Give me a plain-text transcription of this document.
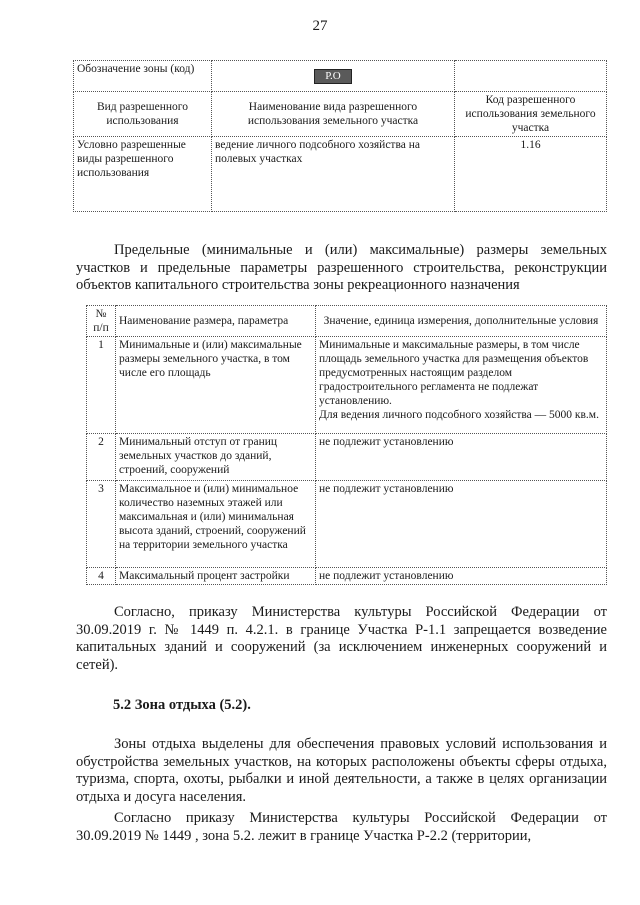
27
Обозначение зоны (код)	Р.О	
Вид разрешенного использования	Наименование вида разрешенного использования земельного участка	Код разрешенного использования земельного участка
Условно разрешенные виды разрешенного использования	ведение личного подсобного хозяйства на полевых участках	1.16

Предельные (минимальные и (или) максимальные) размеры земельных участков и предельные параметры разрешенного строительства, реконструкции объектов капитального строительства зоны рекреационного назначения

№ п/п	Наименование размера, параметра	Значение, единица измерения, дополнительные условия
1	Минимальные и (или) максимальные размеры земельного участка, в том числе его площадь	Минимальные и максимальные размеры, в том числе площадь земельного участка для размещения объектов предусмотренных настоящим разделом градостроительного регламента не подлежат установлению.
Для ведения личного подсобного хозяйства — 5000 кв.м.

2	Минимальный отступ от границ земельных участков до зданий, строений, сооружений	не подлежит установлению
3	Максимальное и (или) минимальное количество наземных этажей или максимальная и (или) минимальная высота зданий, строений, сооружений на территории земельного участка	не подлежит установлению
4	Максимальный процент застройки	не подлежит установлению

Согласно, приказу Министерства культуры Российской Федерации от 30.09.2019 г. № 1449 п. 4.2.1. в границе Участка Р-1.1 запрещается возведение капитальных зданий и сооружений (за исключением инженерных сооружений и сетей).

5.2 Зона отдыха (5.2).

Зоны отдыха выделены для обеспечения правовых условий использования и обустройства земельных участков, на которых расположены объекты сферы отдыха, туризма, спорта, охоты, рыбалки и иной деятельности, а также в целях организации отдыха и досуга населения.

Согласно приказу Министерства культуры Российской Федерации от 30.09.2019 № 1449 , зона 5.2. лежит в границе Участка Р-2.2 (территории,
